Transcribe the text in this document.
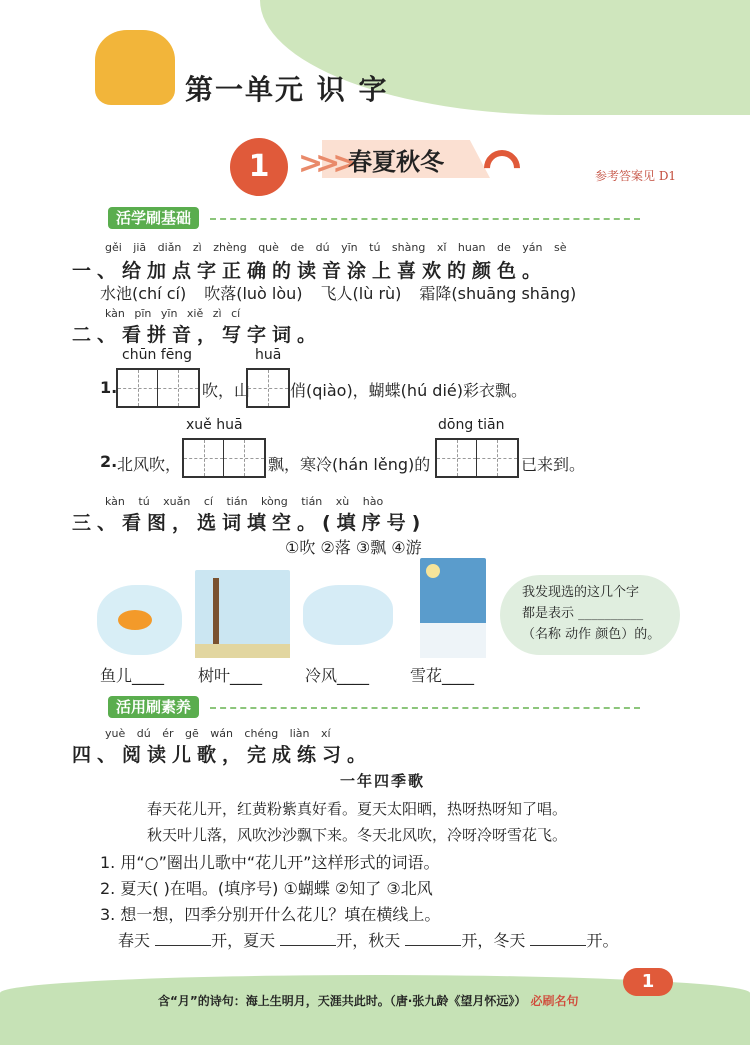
第一单元 识 字
1 >>>
春夏秋冬	参考答案见 D1
活学刷基础
gěi jiā diǎn zì zhèng què de dú yīn tú shàng xǐ huan de yán sè
一、给加点字正确的读音涂上喜欢的颜色。
水池(chí cí) 吹落(luò lòu) 飞人(lù rù) 霜降(shuāng shāng)
kàn pīn yīn xiě zì cí
二、看拼音，写字词。
chūn fēng	huā
1.	吹，山 俏(qiào)，蝴蝶(hú dié)彩衣飘。
xuě huā	dōng tiān
2. 北风吹，	飘，寒冷(hán lěng)的	已来到。
kàn tú xuǎn cí tián kòng tián xù hào
三、看图，选词填空。(填序号)
①吹 ②落 ③飘 ④游
我发现选的这几个字
都是表示 __________
（名称 动作 颜色）的。
鱼儿____ 树叶____	冷风____	雪花____
活用刷素养
yuè dú ér gē wán chéng liàn xí
四、阅读儿歌，完成练习。
一年四季歌
春天花儿开，红黄粉紫真好看。夏天太阳晒，热呀热呀知了唱。
秋天叶儿落，风吹沙沙飘下来。冬天北风吹，冷呀冷呀雪花飞。
1. 用“○”圈出儿歌中“花儿开”这样形式的词语。
2. 夏天( )在唱。(填序号) ①蝴蝶 ②知了 ③北风
3. 想一想，四季分别开什么花儿？填在横线上。
春天	开，夏天	开，秋天	开，冬天	开。
含“月”的诗句：海上生明月，天涯共此时。（唐·张九龄《望月怀远》） 必刷名句
1
